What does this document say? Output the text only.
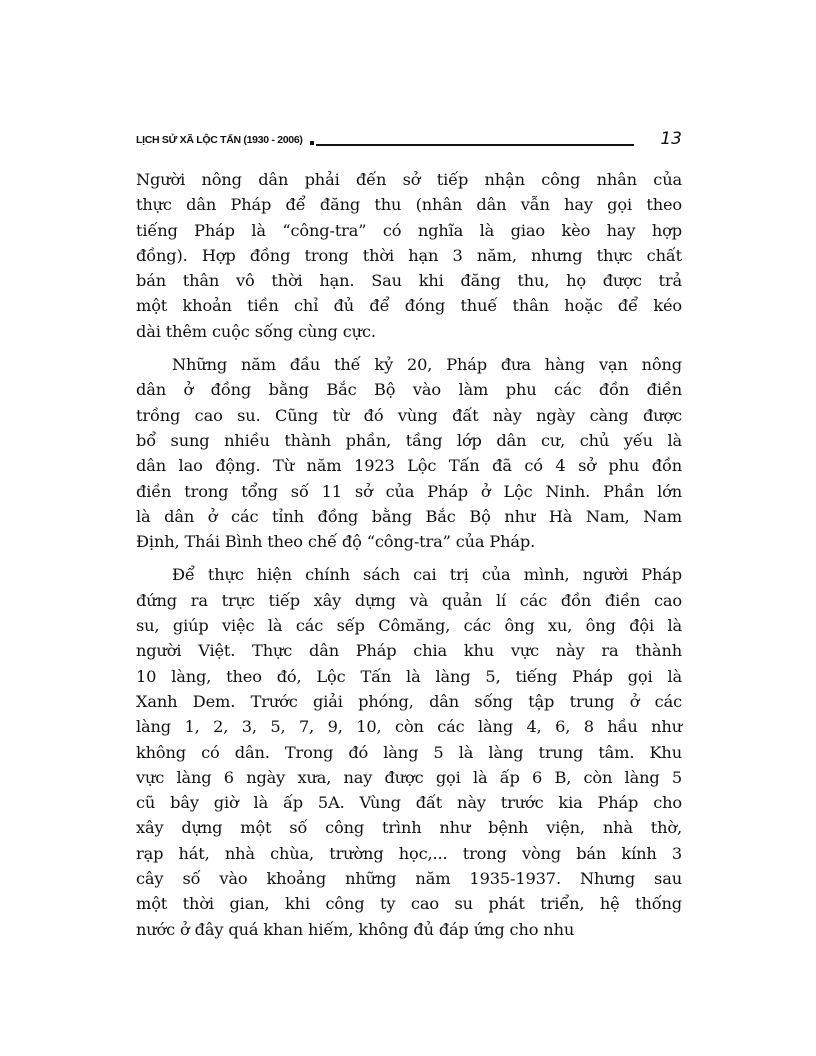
LỊCH SỬ XÃ LỘC TẤN (1930 - 2006)	13
Người nông dân phải đến sở tiếp nhận công nhân của
thực dân Pháp để đăng thu (nhân dân vẫn hay gọi theo
tiếng Pháp là “công-tra” có nghĩa là giao kèo hay hợp
đồng). Hợp đồng trong thời hạn 3 năm, nhưng thực chất
bán thân vô thời hạn. Sau khi đăng thu, họ được trả
một khoản tiền chỉ đủ để đóng thuế thân hoặc để kéo
dài thêm cuộc sống cùng cực.
Những năm đầu thế kỷ 20, Pháp đưa hàng vạn nông
dân ở đồng bằng Bắc Bộ vào làm phu các đồn điền
trồng cao su. Cũng từ đó vùng đất này ngày càng được
bổ sung nhiều thành phần, tầng lớp dân cư, chủ yếu là
dân lao động. Từ năm 1923 Lộc Tấn đã có 4 sở phu đồn
điền trong tổng số 11 sở của Pháp ở Lộc Ninh. Phần lớn
là dân ở các tỉnh đồng bằng Bắc Bộ như Hà Nam, Nam
Định, Thái Bình theo chế độ “công-tra” của Pháp.
Để thực hiện chính sách cai trị của mình, người Pháp
đứng ra trực tiếp xây dựng và quản lí các đồn điền cao
su, giúp việc là các sếp Cômăng, các ông xu, ông đội là
người Việt. Thực dân Pháp chia khu vực này ra thành
10 làng, theo đó, Lộc Tấn là làng 5, tiếng Pháp gọi là
Xanh Dem. Trước giải phóng, dân sống tập trung ở các
làng 1, 2, 3, 5, 7, 9, 10, còn các làng 4, 6, 8 hầu như
không có dân. Trong đó làng 5 là làng trung tâm. Khu
vực làng 6 ngày xưa, nay được gọi là ấp 6 B, còn làng 5
cũ bây giờ là ấp 5A. Vùng đất này trước kia Pháp cho
xây dựng một số công trình như bệnh viện, nhà thờ,
rạp hát, nhà chùa, trường học,... trong vòng bán kính 3
cây số vào khoảng những năm 1935-1937. Nhưng sau
một thời gian, khi công ty cao su phát triển, hệ thống
nước ở đây quá khan hiếm, không đủ đáp ứng cho nhu
